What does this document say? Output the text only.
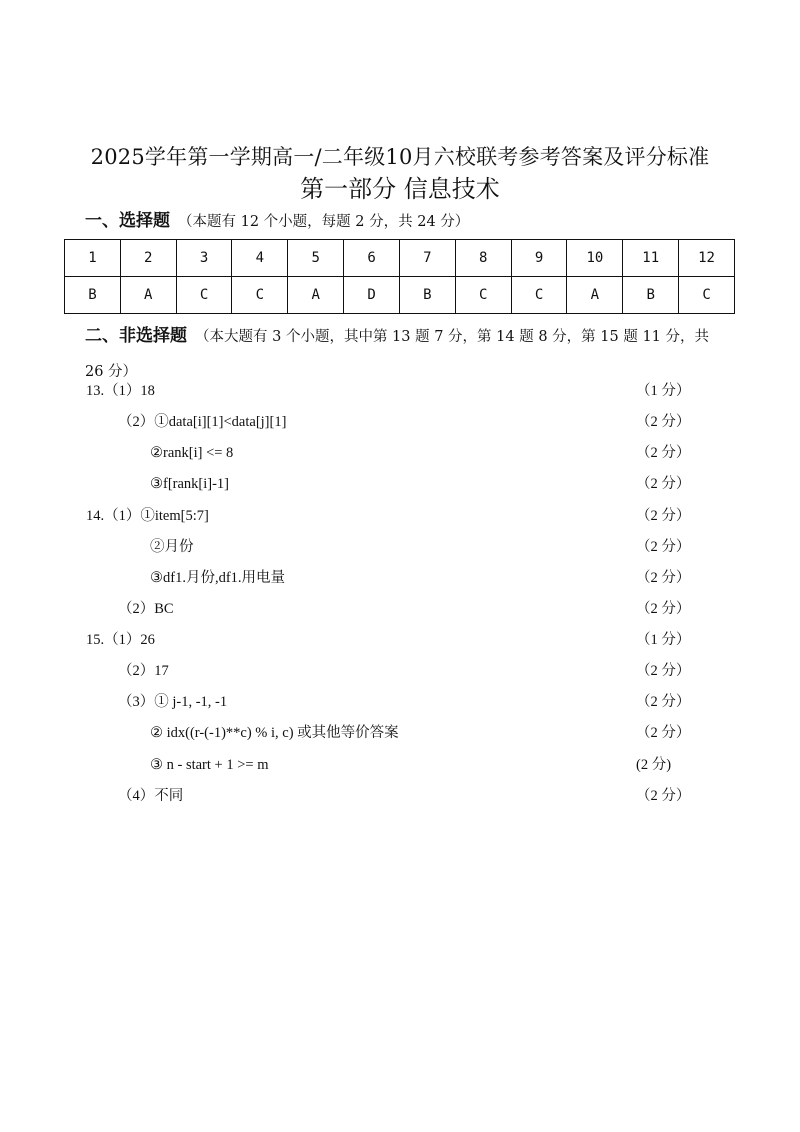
2025学年第一学期高一/二年级10月六校联考参考答案及评分标准
第一部分 信息技术
一、选择题 （本题有 12 个小题，每题 2 分，共 24 分）
1	2	3	4	5	6	7	8	9	10	11	12
B	A	C	C	A	D	B	C	C	A	B	C
二、非选择题 （本大题有 3 个小题，其中第 13 题 7 分，第 14 题 8 分，第 15 题 11 分，共 26 分）
13.（1）18	（1 分）
（2）①data[i][1]<data[j][1]	（2 分）
②rank[i] <= 8	（2 分）
③f[rank[i]-1]	（2 分）
14.（1）①item[5:7]	（2 分）
②月份	（2 分）
③df1.月份,df1.用电量	（2 分）
（2）BC	（2 分）
15.（1）26	（1 分）
（2）17	（2 分）
（3）① j-1, -1, -1	（2 分）
② idx((r-(-1)**c) % i, c) 或其他等价答案	（2 分）
③ n - start + 1 >= m	(2 分)
（4）不同	（2 分）
